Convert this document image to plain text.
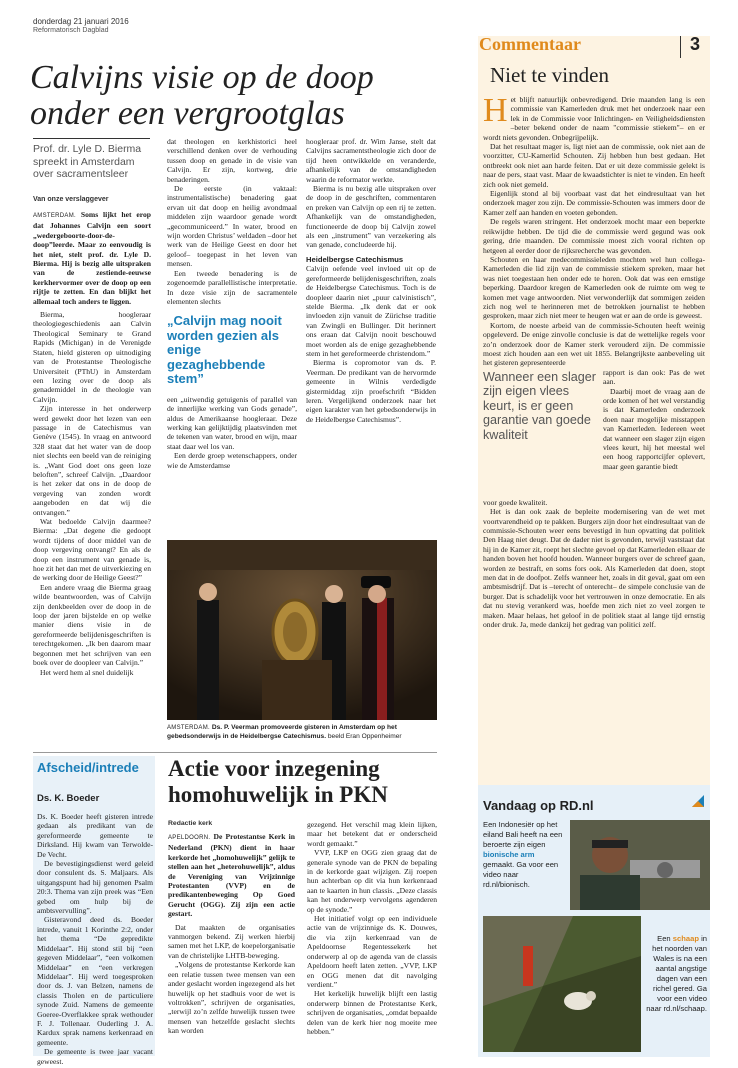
donderdag 21 januari 2016
Reformatorisch Dagblad
Calvijns visie op de doop onder een vergrootglas
Prof. dr. Lyle D. Bierma spreekt in Amsterdam over sacramentsleer
Van onze verslaggever

AMSTERDAM. Soms lijkt het erop dat Johannes Calvijn een soort „wedergeboorte-door-de-doop”leerde. Maar zo eenvoudig is het niet, stelt prof. dr. Lyle D. Bierma. Hij is bezig alle uitspraken van de zestiende-eeuwse kerkhervormer over de doop op een rijtje te zetten. En dan blijkt het allemaal toch anders te liggen.

Bierma, hoogleraar theologiegeschiedenis aan Calvin Theological Seminary te Grand Rapids (Michigan) in de Verenigde Staten, hield gisteren op uitnodiging van de Protestantse Theologische Universiteit (PThU) in Amsterdam een lezing over de doop als genademiddel in de theologie van Calvijn.

Zijn interesse in het onderwerp werd gewekt door het lezen van een passage in de Catechismus van Genève (1545). In vraag en antwoord 328 staat dat het water van de doop niet slechts een beeld van de reiniging is. „Want God doet ons geen loze beloften”, schreef Calvijn. „Daardoor is het zeker dat ons in de doop de vergeving van zonden wordt aangeboden en dat wij die ontvangen.”

Wat bedoelde Calvijn daarmee? Bierma: „Dat degene die gedoopt wordt tijdens of door middel van de doop vergeving ontvangt? En als de doop een instrument van genade is, hoe zit het dan met de uitverkiezing en de werking door de Heilige Geest?”

Een andere vraag die Bierma graag wilde beantwoorden, was of Calvijn zijn denkbeelden over de doop in de loop der jaren bijstelde en op welke manier diens visie in de gereformeerde belijdenisgeschriften is terechtgekomen. „Ik ben daarom maar begonnen met het schrijven van een boek over de doopleer van Calvijn.”

Het werd hem al snel duidelijk

dat theologen en kerkhistorici heel verschillend denken over de verhouding tussen doop en genade in de visie van Calvijn. Er zijn, kortweg, drie benaderingen.

De eerste (in vaktaal: instrumentalistische) benadering gaat ervan uit dat doop en heilig avondmaal middelen zijn waardoor genade wordt „gecommuniceerd.” In water, brood en wijn worden Christus’ weldaden –door het werk van de Heilige Geest en door het geloof– toegepast in het leven van mensen.

Een tweede benadering is de zogenoemde parallellistische interpretatie. In deze visie zijn de sacramentele elementen slechts

„Calvijn mag nooit worden gezien als enige gezaghebbende stem”

een „uitwendig getuigenis of parallel van de innerlijke werking van Gods genade”, aldus de Amerikaanse hoogleraar. Deze werking kan gelijktijdig plaatsvinden met de tekenen van water, brood en wijn, maar staat daar wel los van.

Een derde groep wetenschappers, onder wie de Amsterdamse

hoogleraar prof. dr. Wim Janse, stelt dat Calvijns sacramentstheologie zich door de tijd heen ontwikkelde en veranderde, afhankelijk van de omstandigheden waarin de reformator werkte.

Bierma is nu bezig alle uitspraken over de doop in de geschriften, commentaren en preken van Calvijn op een rij te zetten. Afhankelijk van de omstandigheden, functioneerde de doop bij Calvijn zowel als een „instrument” van verzekering als van genade, concludeerde hij.

Heidelbergse Catechismus

Calvijn oefende veel invloed uit op de gereformeerde belijdenisgeschriften, zoals de Heidelbergse Catechismus. Toch is de doopleer daarin niet „puur calvinistisch”, stelde Bierma. „Ik denk dat er ook invloeden zijn vanuit de Zürichse traditie van Zwingli en Bullinger. Dit herinnert ons eraan dat Calvijn nooit beschouwd moet worden als de enige gezaghebbende stem in het gereformeerde christendom.”

Bierma is copromotor van ds. P. Veerman. De predikant van de hervormde gemeente in Wilnis verdedigde gistermiddag zijn proefschrift “Bidden leren. Vergelijkend onderzoek naar het eigen karakter van het gebedsonderwijs in de Heidelbergse Catechismus”.

AMSTERDAM. Ds. P. Veerman promoveerde gisteren in Amsterdam op het gebedsonderwijs in de Heidelbergse Catechismus. beeld Eran Oppenheimer
Afscheid/intrede
Ds. K. Boeder

Ds. K. Boeder heeft gisteren intrede gedaan als predikant van de gereformeerde gemeente te Dirksland. Hij kwam van Terwolde-De Vecht.

De bevestigingsdienst werd geleid door consulent ds. S. Maljaars. Als uitgangspunt had hij genomen Psalm 20:3. Thema van zijn preek was “Een gebed om hulp bij de ambtsvervulling”.

Gisteravond deed ds. Boeder intrede, vanuit 1 Korinthe 2:2, onder het thema “De gepredikte Middelaar”. Hij stond stil bij “een gegeven Middelaar”, “een volkomen Middelaar” en “een verkregen Middelaar”. Hij werd toegesproken door ds. J. van Belzen, namens de classis Tholen en de particuliere synode Zuid. Namens de gemeente Goeree-Overflakkee sprak wethouder F. J. Tollenaar. Ouderling J. A. Kardux sprak namens kerkenraad en gemeente.

De gemeente is twee jaar vacant geweest.

Actie voor inzegening homohuwelijk in PKN
Redactie kerk

APELDOORN. De Protestantse Kerk in Nederland (PKN) dient in haar kerkorde het „homohuwelijk” gelijk te stellen aan het „heterohuwelijk”, aldus de Vereniging van Vrijzinnige Protestanten (VVP) en de predikantenbeweging Op Goed Gerucht (OGG). Zij zijn een actie gestart.

Dat maakten de organisaties vanmorgen bekend. Zij werken hierbij samen met het LKP, de koepelorganisatie van de christelijke LHTB-beweging.

„Volgens de protestantse Kerkorde kan een relatie tussen twee mensen van een ander geslacht worden ingezegend als het huwelijk op het stadhuis voor de wet is voltrokken”, schrijven de organisaties, „terwijl zo’n zelfde huwelijk tussen twee mensen van hetzelfde geslacht slechts kan worden

gezegend. Het verschil mag klein lijken, maar het betekent dat er onderscheid wordt gemaakt.”

VVP, LKP en OGG zien graag dat de generale synode van de PKN de bepaling in de kerkorde gaat wijzigen. Zij roepen hun achterban op dit via hun kerkenraad aan te kaarten in hun classis. „Deze classis kan het onderwerp vervolgens agenderen op de synode.”

Het initiatief volgt op een individuele actie van de vrijzinnige ds. K. Douwes, die via zijn kerkenraad van de Apeldoornse Regentessekerk het onderwerp al op de agenda van de classis Apeldoorn heeft laten zetten. „VVP, LKP en OGG menen dat dit navolging verdient.”

Het kerkelijk huwelijk blijft een lastig onderwerp binnen de Protestantse Kerk, schrijven de organisaties, „omdat bepaalde delen van de kerk hier nog moeite mee hebben.”

Commentaar	3
Niet te vinden

Het blijft natuurlijk onbevredigend. Drie maanden lang is een commissie van Kamerleden druk met het onderzoek naar een lek in de Commissie voor Inlichtingen- en Veiligheidsdiensten –beter bekend onder de naam "commissie stiekem"– en er wordt niets gevonden. Onbegrijpelijk.

Dat het resultaat mager is, ligt niet aan de commissie, ook niet aan de voorzitter, CU-Kamerlid Schouten. Zij hebben hun best gedaan. Het ontbreekt ook niet aan harde feiten. Dat er uit deze commissie gelekt is naar de pers, staat vast. Maar de kwaadstichter is niet te vinden. En heeft zich ook niet gemeld.

Eigenlijk stond al bij voorbaat vast dat het eindresultaat van het onderzoek mager zou zijn. De commissie-Schouten was immers door de Kamer zelf aan handen en voeten gebonden.

De regels waren stringent. Het onderzoek mocht maar een beperkte reikwijdte hebben. De tijd die de commissie werd gegund was ook gering, drie maanden. De commissie moest zich vooral richten op hetgeen al eerder door de rijksrecherche was gevonden.

Schouten en haar medecommissieleden mochten wel hun collega-Kamerleden die lid zijn van de commissie stiekem spreken, maar het was niet toegestaan hen onder ede te horen. Ook dat was een ernstige beperking. Daardoor kregen de Kamerleden ook de ruimte om weg te komen met vage antwoorden. Niet verwonderlijk dat sommigen zeiden zich nog wel te herinneren met de betrokken journalist te hebben gesproken, maar zich niet meer te heugen wat er aan de orde is geweest.

Kortom, de noeste arbeid van de commissie-Schouten heeft weinig opgeleverd. De enige zinvolle conclusie is dat de wettelijke regels voor zo’n onderzoek door de Kamer sterk verouderd zijn. De commissie moest zich houden aan een wet uit 1855. Belangrijkste aanbeveling uit het gisteren gepresenteerde

Wanneer een slager zijn eigen vlees keurt, is er geen garantie van goede kwaliteit

rapport is dan ook: Pas de wet aan.

Daarbij moet de vraag aan de orde komen of het wel verstandig is dat Kamerleden onderzoek doen naar mogelijke misstappen van Kamerleden. Iedereen weet dat wanneer een slager zijn eigen vlees keurt, hij het meestal wel een hoog rapportcijfer oplevert, maar geen garantie biedt

voor goede kwaliteit.

Het is dan ook zaak de bepleite modernisering van de wet met voortvarendheid op te pakken. Burgers zijn door het eindresultaat van de commissie-Schouten weer eens bevestigd in hun opvatting dat politiek Den Haag niet deugt. Dat de dader niet is gevonden, terwijl vaststaat dat hij in de Kamer zit, roept het slechte gevoel op dat Kamerleden elkaar de handen boven het hoofd houden. Wanneer burgers over de schreef gaan, worden ze bestraft, en soms fors ook. Als Kamerleden dat doen, stopt men dat in de doofpot. Zelfs wanneer het, zoals in dit geval, gaat om een ambtsmisdrijf. Dat is –terecht of onterecht– de simpele conclusie van de burger. Dat is schadelijk voor het vertrouwen in onze democratie. En als dat nu stevig verankerd was, hoefde men zich niet zo veel zorgen te maken. Maar helaas, het geloof in de politiek staat al lange tijd ernstig onder druk. Ja, mede dankzij het gedrag van politici zelf.

Vandaag op RD.nl
Een Indonesiër op het eiland Bali heeft na een beroerte zijn eigen bionische arm gemaakt. Ga voor een video naar rd.nl/bionisch.
Een schaap in het noorden van Wales is na een aantal angstige dagen van een richel gered. Ga voor een video naar rd.nl/schaap.
